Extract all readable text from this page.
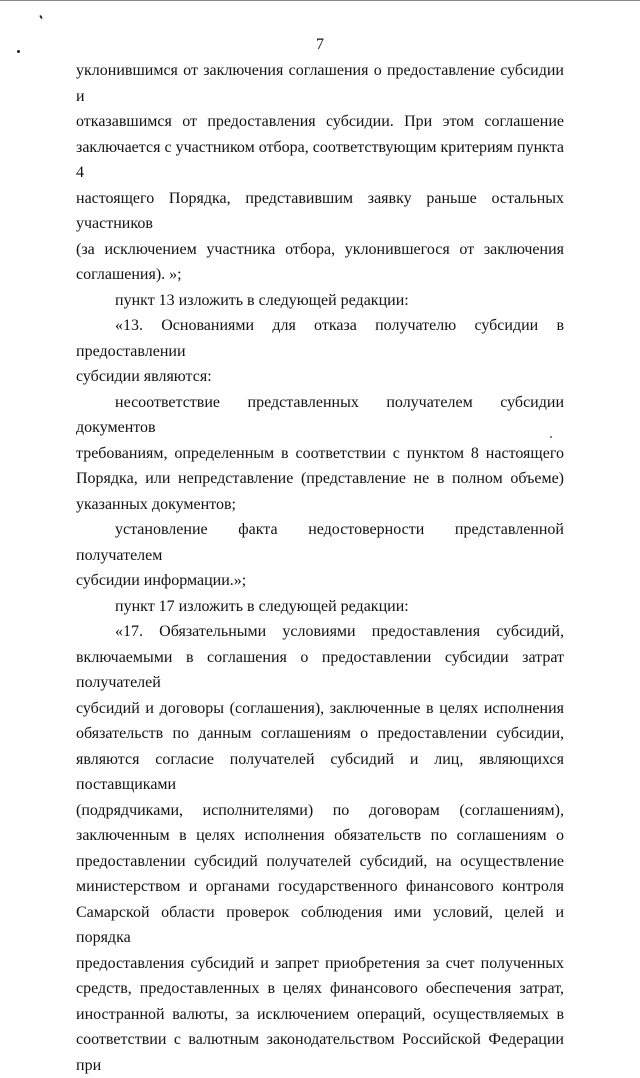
7

уклонившимся от заключения соглашения о предоставление субсидии и

отказавшимся от предоставления субсидии. При этом соглашение

заключается с участником отбора, соответствующим критериям пункта 4

настоящего Порядка, представившим заявку раньше остальных участников

(за исключением участника отбора, уклонившегося от заключения

соглашения). »;

пункт 13 изложить в следующей редакции:

«13. Основаниями для отказа получателю субсидии в предоставлении

субсидии являются:

несоответствие представленных получателем субсидии документов

требованиям, определенным в соответствии с пунктом 8 настоящего

Порядка, или непредставление (представление не в полном объеме)

указанных документов;

установление факта недостоверности представленной получателем

субсидии информации.»;

пункт 17 изложить в следующей редакции:

«17. Обязательными условиями предоставления субсидий,

включаемыми в соглашения о предоставлении субсидии затрат получателей

субсидий и договоры (соглашения), заключенные в целях исполнения

обязательств по данным соглашениям о предоставлении субсидии,

являются согласие получателей субсидий и лиц, являющихся поставщиками

(подрядчиками, исполнителями) по договорам (соглашениям),

заключенным в целях исполнения обязательств по соглашениям о

предоставлении субсидий получателей субсидий, на осуществление

министерством и органами государственного финансового контроля

Самарской области проверок соблюдения ими условий, целей и порядка

предоставления субсидий и запрет приобретения за счет полученных

средств, предоставленных в целях финансового обеспечения затрат,

иностранной валюты, за исключением операций, осуществляемых в

соответствии с валютным законодательством Российской Федерации при
